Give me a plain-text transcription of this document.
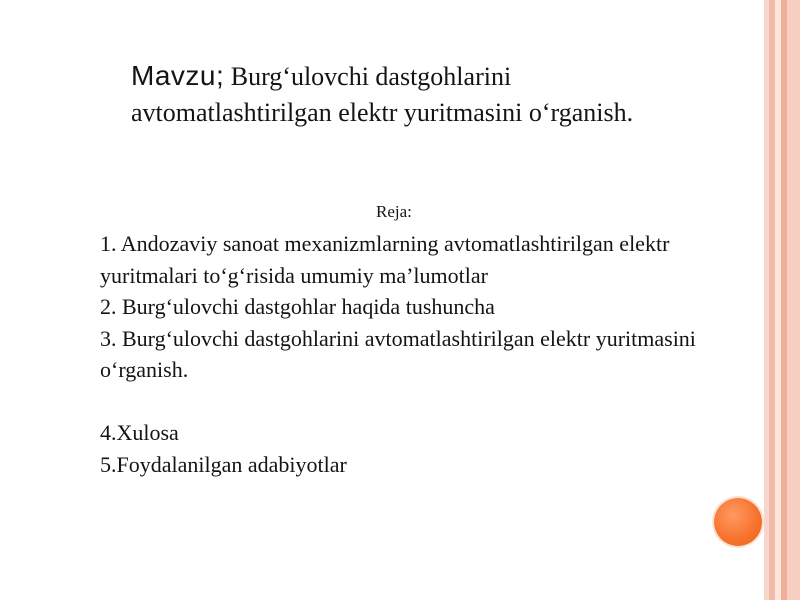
Mavzu; Burg‘ulovchi dastgohlarini avtomatlashtirilgan elektr yuritmasini o‘rganish.
Reja:
1. Andozaviy sanoat mexanizmlarning avtomatlashtirilgan elektr yuritmalari to‘g‘risida umumiy ma’lumotlar
2. Burg‘ulovchi dastgohlar haqida tushuncha
3. Burg‘ulovchi dastgohlarini avtomatlashtirilgan elektr yuritmasini o‘rganish.
4.Xulosa
5.Foydalanilgan adabiyotlar
